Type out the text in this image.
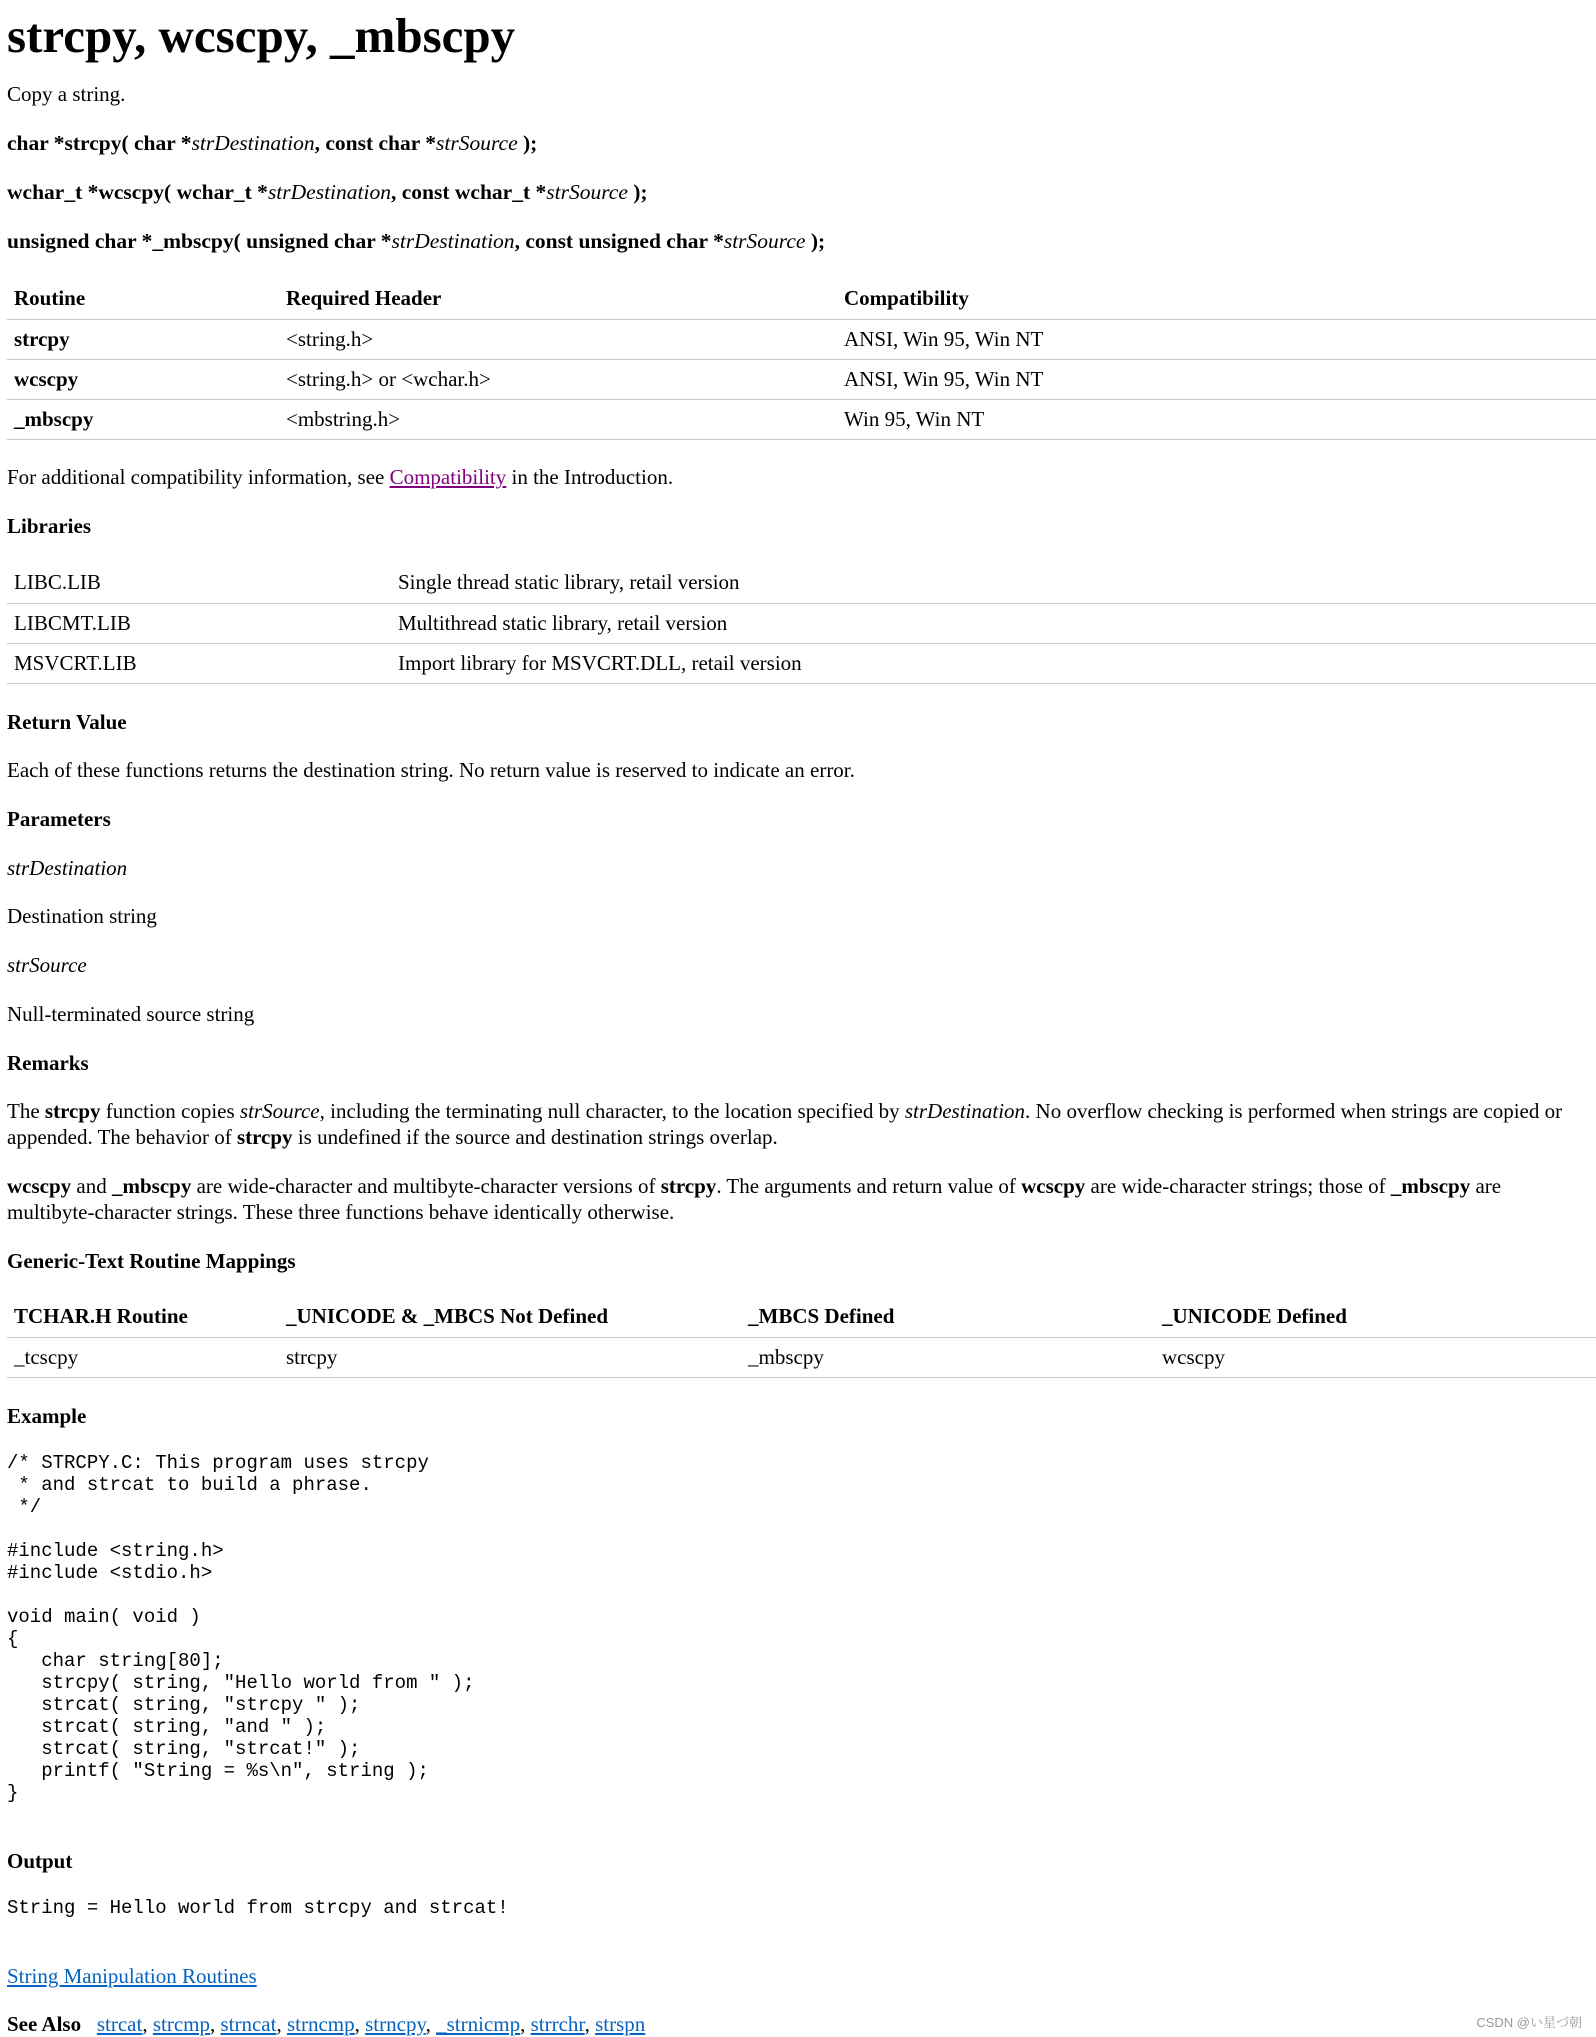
strcpy, wcscpy, _mbscpy
Copy a string.
char *strcpy( char *strDestination, const char *strSource );
wchar_t *wcscpy( wchar_t *strDestination, const wchar_t *strSource );
unsigned char *_mbscpy( unsigned char *strDestination, const unsigned char *strSource );
Routine	Required Header	Compatibility
strcpy	<string.h>	ANSI, Win 95, Win NT
wcscpy	<string.h> or <wchar.h>	ANSI, Win 95, Win NT
_mbscpy	<mbstring.h>	Win 95, Win NT
For additional compatibility information, see Compatibility in the Introduction.
Libraries
LIBC.LIB	Single thread static library, retail version
LIBCMT.LIB	Multithread static library, retail version
MSVCRT.LIB	Import library for MSVCRT.DLL, retail version
Return Value
Each of these functions returns the destination string. No return value is reserved to indicate an error.
Parameters
strDestination
Destination string
strSource
Null-terminated source string
Remarks
The strcpy function copies strSource, including the terminating null character, to the location specified by strDestination. No overflow checking is performed when strings are copied or appended. The behavior of strcpy is undefined if the source and destination strings overlap.
wcscpy and _mbscpy are wide-character and multibyte-character versions of strcpy. The arguments and return value of wcscpy are wide-character strings; those of _mbscpy are multibyte-character strings. These three functions behave identically otherwise.
Generic-Text Routine Mappings
TCHAR.H Routine	_UNICODE & _MBCS Not Defined	_MBCS Defined	_UNICODE Defined
_tcscpy	strcpy	_mbscpy	wcscpy
Example
/* STRCPY.C: This program uses strcpy
* and strcat to build a phrase.
*/

#include <string.h>
#include <stdio.h>

void main( void )
{
char string[80];
strcpy( string, "Hello world from " );
strcat( string, "strcpy " );
strcat( string, "and " );
strcat( string, "strcat!" );
printf( "String = %s\n", string );
}
Output
String = Hello world from strcpy and strcat!
String Manipulation Routines
See Also strcat, strcmp, strncat, strncmp, strncpy, _strnicmp, strrchr, strspn	CSDN @い星づ朝
